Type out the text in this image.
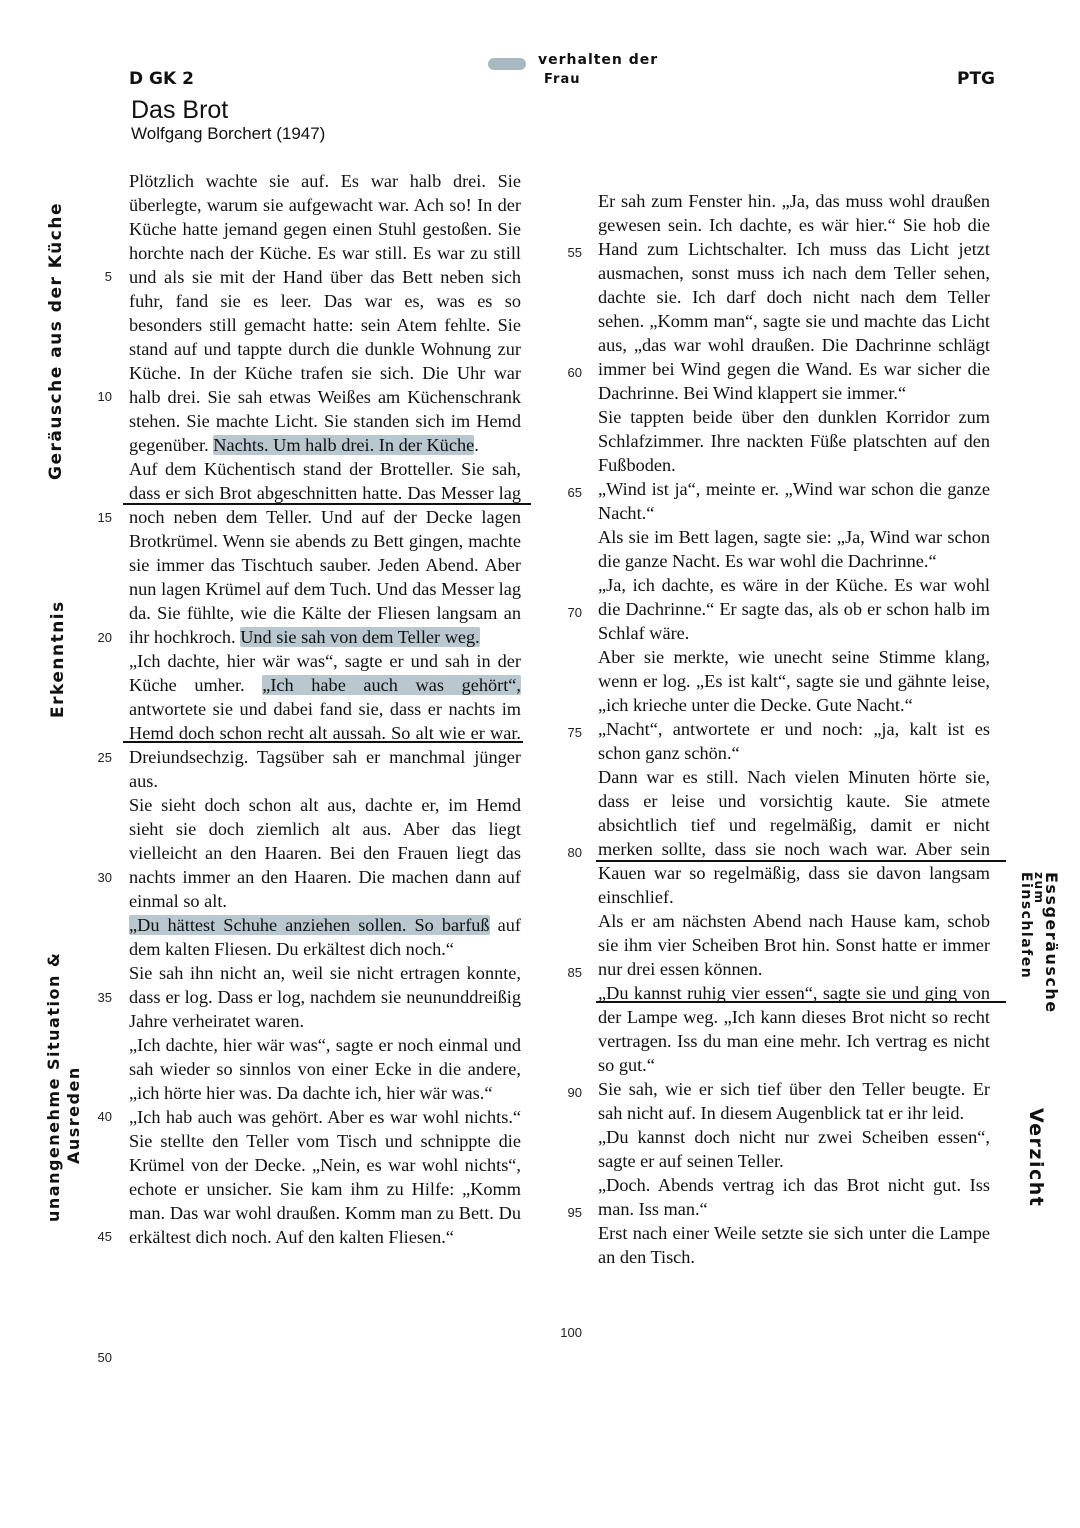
D GK 2	PTG
Das Brot
Wolfgang Borchert (1947)
verhalten der
Frau
Geräusche aus der Küche
Erkenntnis
unangenehme Situation & Ausreden
Essgeräusche
zum
Einschlafen
Verzicht
5
10
15
20
25
30
35
40
45
50
55
60
65
70
75
80
85
90
95
100

Plötzlich wachte sie auf. Es war halb drei. Sie überlegte, warum sie aufgewacht war. Ach so! In der Küche hatte jemand gegen einen Stuhl gestoßen. Sie horchte nach der Küche. Es war still. Es war zu still und als sie mit der Hand über das Bett neben sich fuhr, fand sie es leer. Das war es, was es so besonders still gemacht hatte: sein Atem fehlte. Sie stand auf und tappte durch die dunkle Wohnung zur Küche. In der Küche trafen sie sich. Die Uhr war halb drei. Sie sah etwas Weißes am Küchenschrank stehen. Sie machte Licht. Sie standen sich im Hemd gegenüber. Nachts. Um halb drei. In der Küche.

Auf dem Küchentisch stand der Brotteller. Sie sah, dass er sich Brot abgeschnitten hatte. Das Messer lag noch neben dem Teller. Und auf der Decke lagen Brotkrümel. Wenn sie abends zu Bett gingen, machte sie immer das Tischtuch sauber. Jeden Abend. Aber nun lagen Krümel auf dem Tuch. Und das Messer lag da. Sie fühlte, wie die Kälte der Fliesen langsam an ihr hochkroch. Und sie sah von dem Teller weg.

„Ich dachte, hier wär was“, sagte er und sah in der Küche umher. „Ich habe auch was gehört“, antwortete sie und dabei fand sie, dass er nachts im Hemd doch schon recht alt aussah. So alt wie er war. Dreiundsechzig. Tagsüber sah er manchmal jünger aus.

Sie sieht doch schon alt aus, dachte er, im Hemd sieht sie doch ziemlich alt aus. Aber das liegt vielleicht an den Haaren. Bei den Frauen liegt das nachts immer an den Haaren. Die machen dann auf einmal so alt.

„Du hättest Schuhe anziehen sollen. So barfuß auf dem kalten Fliesen. Du erkältest dich noch.“

Sie sah ihn nicht an, weil sie nicht ertragen konnte, dass er log. Dass er log, nachdem sie neununddreißig Jahre verheiratet waren.

„Ich dachte, hier wär was“, sagte er noch einmal und sah wieder so sinnlos von einer Ecke in die andere, „ich hörte hier was. Da dachte ich, hier wär was.“

„Ich hab auch was gehört. Aber es war wohl nichts.“ Sie stellte den Teller vom Tisch und schnippte die Krümel von der Decke. „Nein, es war wohl nichts“, echote er unsicher. Sie kam ihm zu Hilfe: „Komm man. Das war wohl draußen. Komm man zu Bett. Du erkältest dich noch. Auf den kalten Fliesen.“

Er sah zum Fenster hin. „Ja, das muss wohl draußen gewesen sein. Ich dachte, es wär hier.“ Sie hob die Hand zum Lichtschalter. Ich muss das Licht jetzt ausmachen, sonst muss ich nach dem Teller sehen, dachte sie. Ich darf doch nicht nach dem Teller sehen. „Komm man“, sagte sie und machte das Licht aus, „das war wohl draußen. Die Dachrinne schlägt immer bei Wind gegen die Wand. Es war sicher die Dachrinne. Bei Wind klappert sie immer.“

Sie tappten beide über den dunklen Korridor zum Schlafzimmer. Ihre nackten Füße platschten auf den Fußboden.

„Wind ist ja“, meinte er. „Wind war schon die ganze Nacht.“

Als sie im Bett lagen, sagte sie: „Ja, Wind war schon die ganze Nacht. Es war wohl die Dachrinne.“

„Ja, ich dachte, es wäre in der Küche. Es war wohl die Dachrinne.“ Er sagte das, als ob er schon halb im Schlaf wäre.

Aber sie merkte, wie unecht seine Stimme klang, wenn er log. „Es ist kalt“, sagte sie und gähnte leise, „ich krieche unter die Decke. Gute Nacht.“

„Nacht“, antwortete er und noch: „ja, kalt ist es schon ganz schön.“

Dann war es still. Nach vielen Minuten hörte sie, dass er leise und vorsichtig kaute. Sie atmete absichtlich tief und regelmäßig, damit er nicht merken sollte, dass sie noch wach war. Aber sein Kauen war so regelmäßig, dass sie davon langsam einschlief.

Als er am nächsten Abend nach Hause kam, schob sie ihm vier Scheiben Brot hin. Sonst hatte er immer nur drei essen können.

„Du kannst ruhig vier essen“, sagte sie und ging von der Lampe weg. „Ich kann dieses Brot nicht so recht vertragen. Iss du man eine mehr. Ich vertrag es nicht so gut.“

Sie sah, wie er sich tief über den Teller beugte. Er sah nicht auf. In diesem Augenblick tat er ihr leid.

„Du kannst doch nicht nur zwei Scheiben essen“, sagte er auf seinen Teller.

„Doch. Abends vertrag ich das Brot nicht gut. Iss man. Iss man.“

Erst nach einer Weile setzte sie sich unter die Lampe an den Tisch.
